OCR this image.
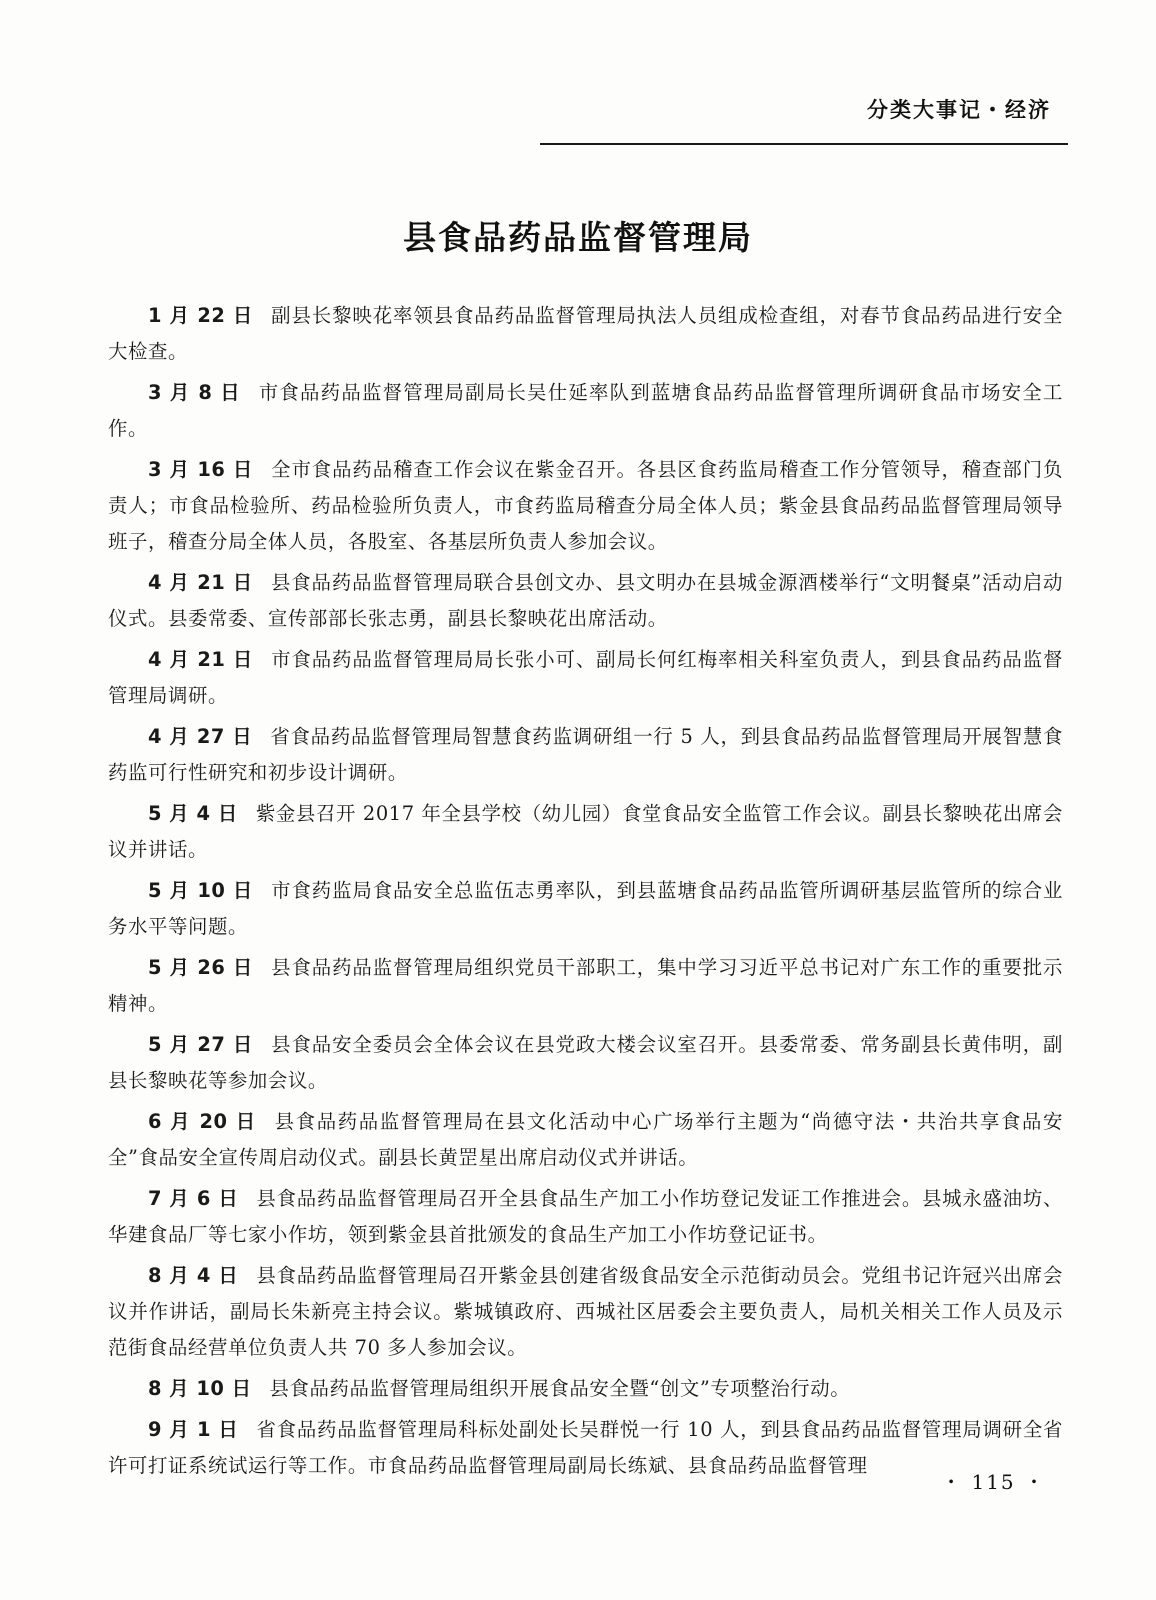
分类大事记・经济
县食品药品监督管理局

1 月 22 日 副县长黎映花率领县食品药品监督管理局执法人员组成检查组，对春节食品药品进行安全大检查。

3 月 8 日 市食品药品监督管理局副局长吴仕延率队到蓝塘食品药品监督管理所调研食品市场安全工作。

3 月 16 日 全市食品药品稽查工作会议在紫金召开。各县区食药监局稽查工作分管领导，稽查部门负责人；市食品检验所、药品检验所负责人，市食药监局稽查分局全体人员；紫金县食品药品监督管理局领导班子，稽查分局全体人员，各股室、各基层所负责人参加会议。

4 月 21 日 县食品药品监督管理局联合县创文办、县文明办在县城金源酒楼举行“文明餐桌”活动启动仪式。县委常委、宣传部部长张志勇，副县长黎映花出席活动。

4 月 21 日 市食品药品监督管理局局长张小可、副局长何红梅率相关科室负责人，到县食品药品监督管理局调研。

4 月 27 日 省食品药品监督管理局智慧食药监调研组一行 5 人，到县食品药品监督管理局开展智慧食药监可行性研究和初步设计调研。

5 月 4 日 紫金县召开 2017 年全县学校（幼儿园）食堂食品安全监管工作会议。副县长黎映花出席会议并讲话。

5 月 10 日 市食药监局食品安全总监伍志勇率队，到县蓝塘食品药品监管所调研基层监管所的综合业务水平等问题。

5 月 26 日 县食品药品监督管理局组织党员干部职工，集中学习习近平总书记对广东工作的重要批示精神。

5 月 27 日 县食品安全委员会全体会议在县党政大楼会议室召开。县委常委、常务副县长黄伟明，副县长黎映花等参加会议。

6 月 20 日 县食品药品监督管理局在县文化活动中心广场举行主题为“尚德守法・共治共享食品安全”食品安全宣传周启动仪式。副县长黄罡星出席启动仪式并讲话。

7 月 6 日 县食品药品监督管理局召开全县食品生产加工小作坊登记发证工作推进会。县城永盛油坊、华建食品厂等七家小作坊，领到紫金县首批颁发的食品生产加工小作坊登记证书。

8 月 4 日 县食品药品监督管理局召开紫金县创建省级食品安全示范街动员会。党组书记许冠兴出席会议并作讲话，副局长朱新亮主持会议。紫城镇政府、西城社区居委会主要负责人，局机关相关工作人员及示范街食品经营单位负责人共 70 多人参加会议。

8 月 10 日 县食品药品监督管理局组织开展食品安全暨“创文”专项整治行动。

9 月 1 日 省食品药品监督管理局科标处副处长吴群悦一行 10 人，到县食品药品监督管理局调研全省许可打证系统试运行等工作。市食品药品监督管理局副局长练斌、县食品药品监督管理

・ 115 ・
